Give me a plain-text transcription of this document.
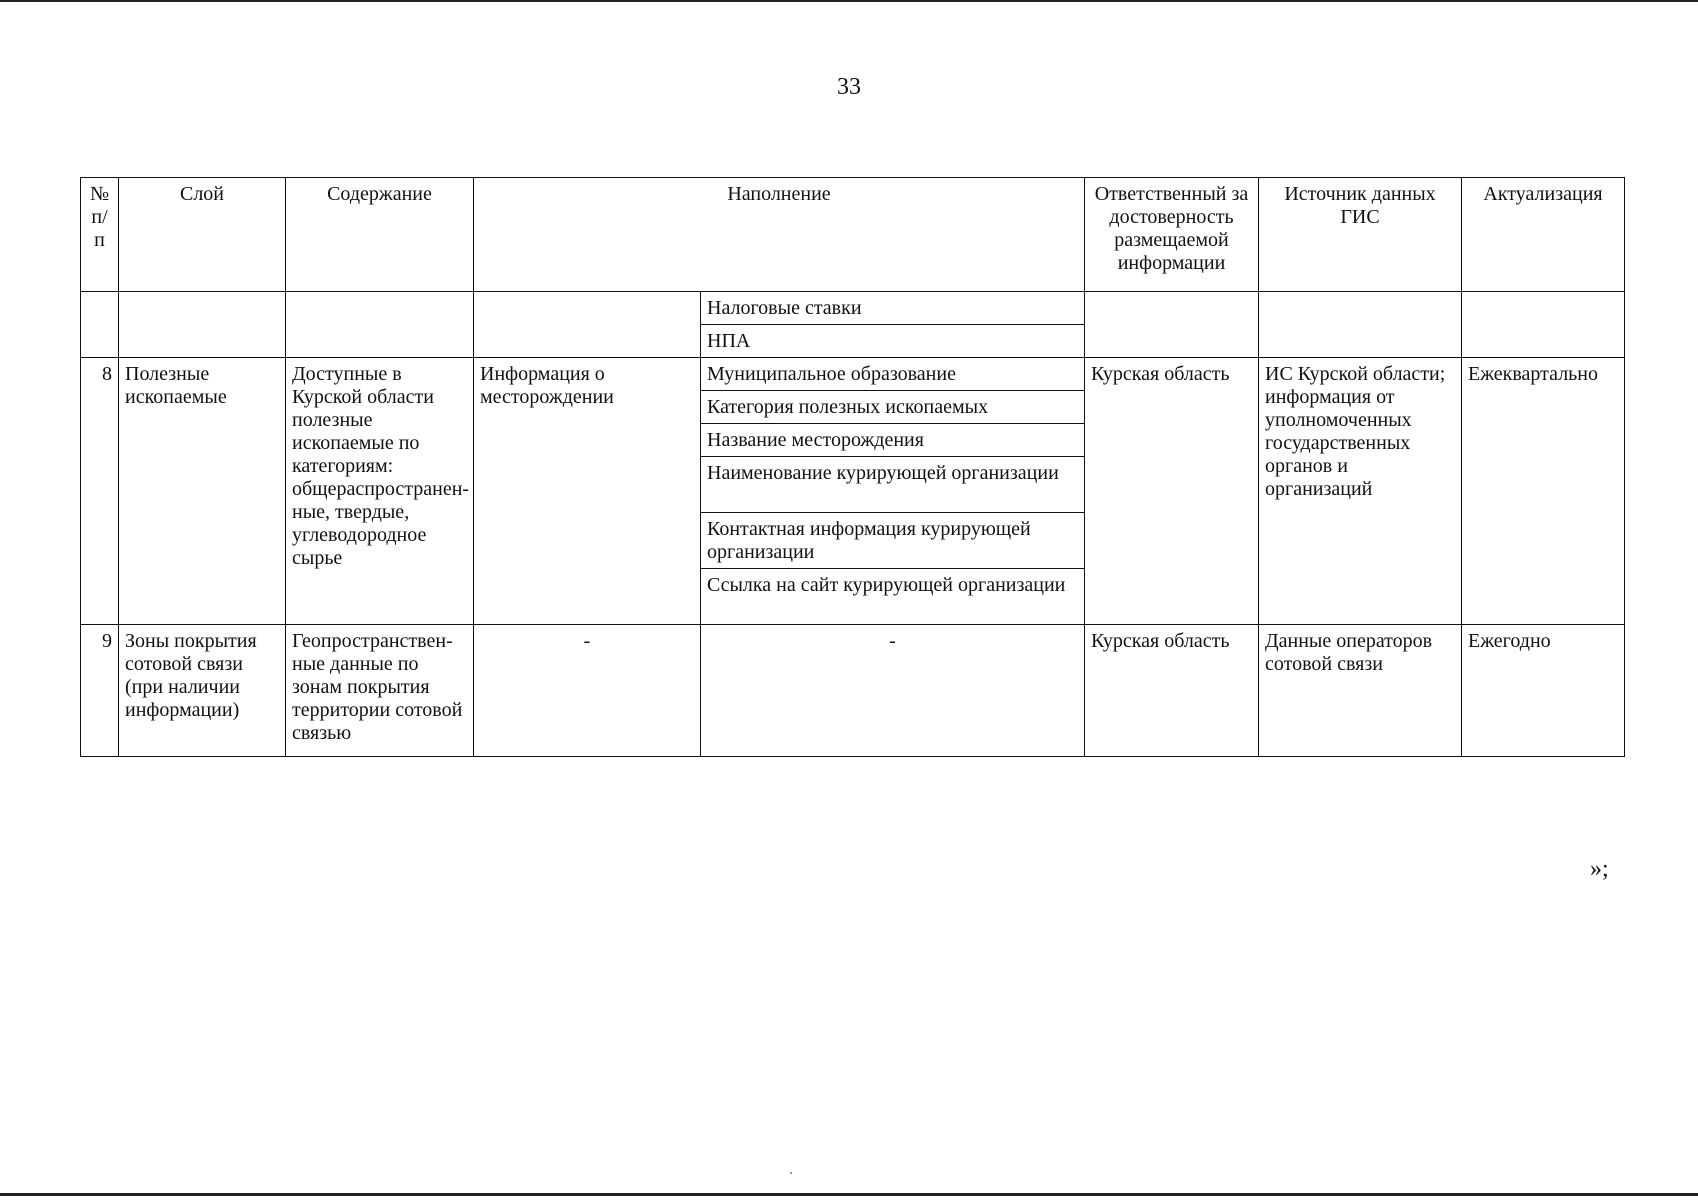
33
№ п/ п	Слой	Содержание	Наполнение		Ответственный за достоверность размещаемой информации	Источник данных ГИС	Актуализация
				Налоговые ставки			
				НПА			
8	Полезные ископаемые	Доступные в Курской области полезные ископаемые по категориям: общераспространен-ные, твердые, углеводородное сырье	Информация о месторождении	Муниципальное образование	Курская область	ИС Курской области; информация от уполномоченных государственных органов и организаций	Ежеквартально
				Категория полезных ископаемых			
				Название месторождения			
				Наименование курирующей организации			
				Контактная информация курирующей организации			
				Ссылка на сайт курирующей организации			
9	Зоны покрытия сотовой связи (при наличии информации)	Геопространствен-ные данные по зонам покрытия территории сотовой связью	-	-	Курская область	Данные операторов сотовой связи	Ежегодно
»;
